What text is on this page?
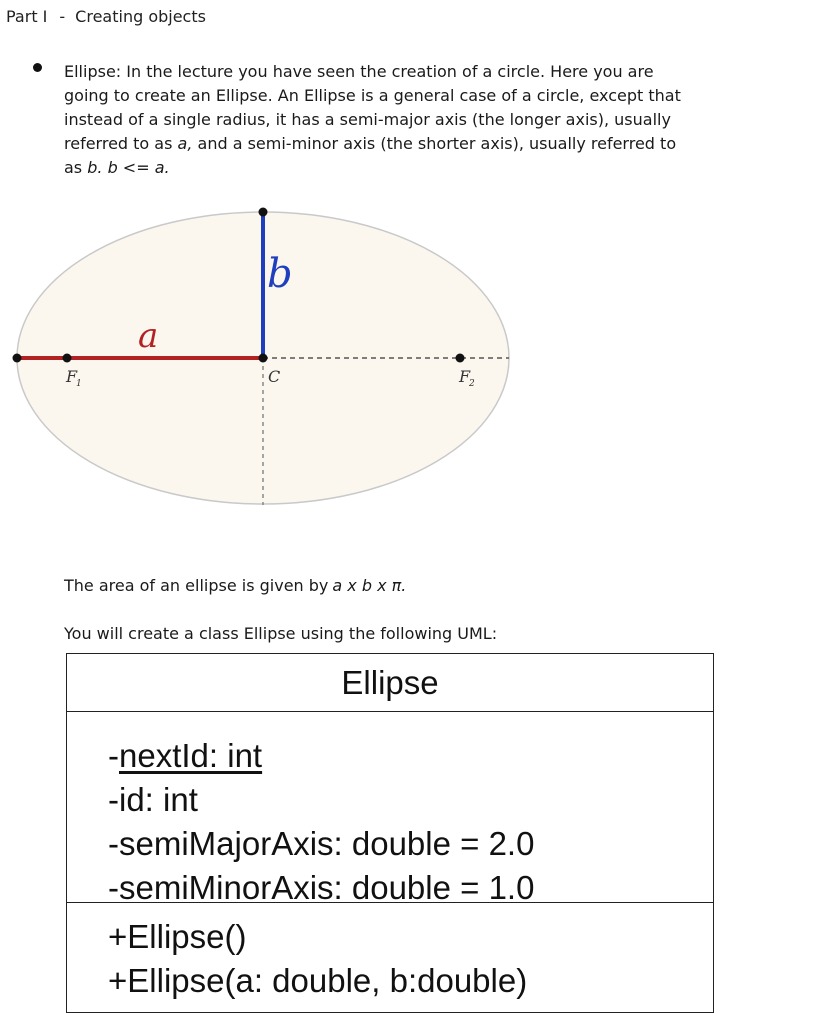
Part I - Creating objects
Ellipse: In the lecture you have seen the creation of a circle. Here you are
going to create an Ellipse. An Ellipse is a general case of a circle, except that
instead of a single radius, it has a semi-major axis (the longer axis), usually
referred to as a, and a semi-minor axis (the shorter axis), usually referred to
as b. b <= a.
a
b
C
F
1	F
2
The area of an ellipse is given by a x b x π.
You will create a class Ellipse using the following UML:
Ellipse
-nextId: int
-id: int
-semiMajorAxis: double = 2.0
-semiMinorAxis: double = 1.0
+Ellipse()
+Ellipse(a: double, b:double)
